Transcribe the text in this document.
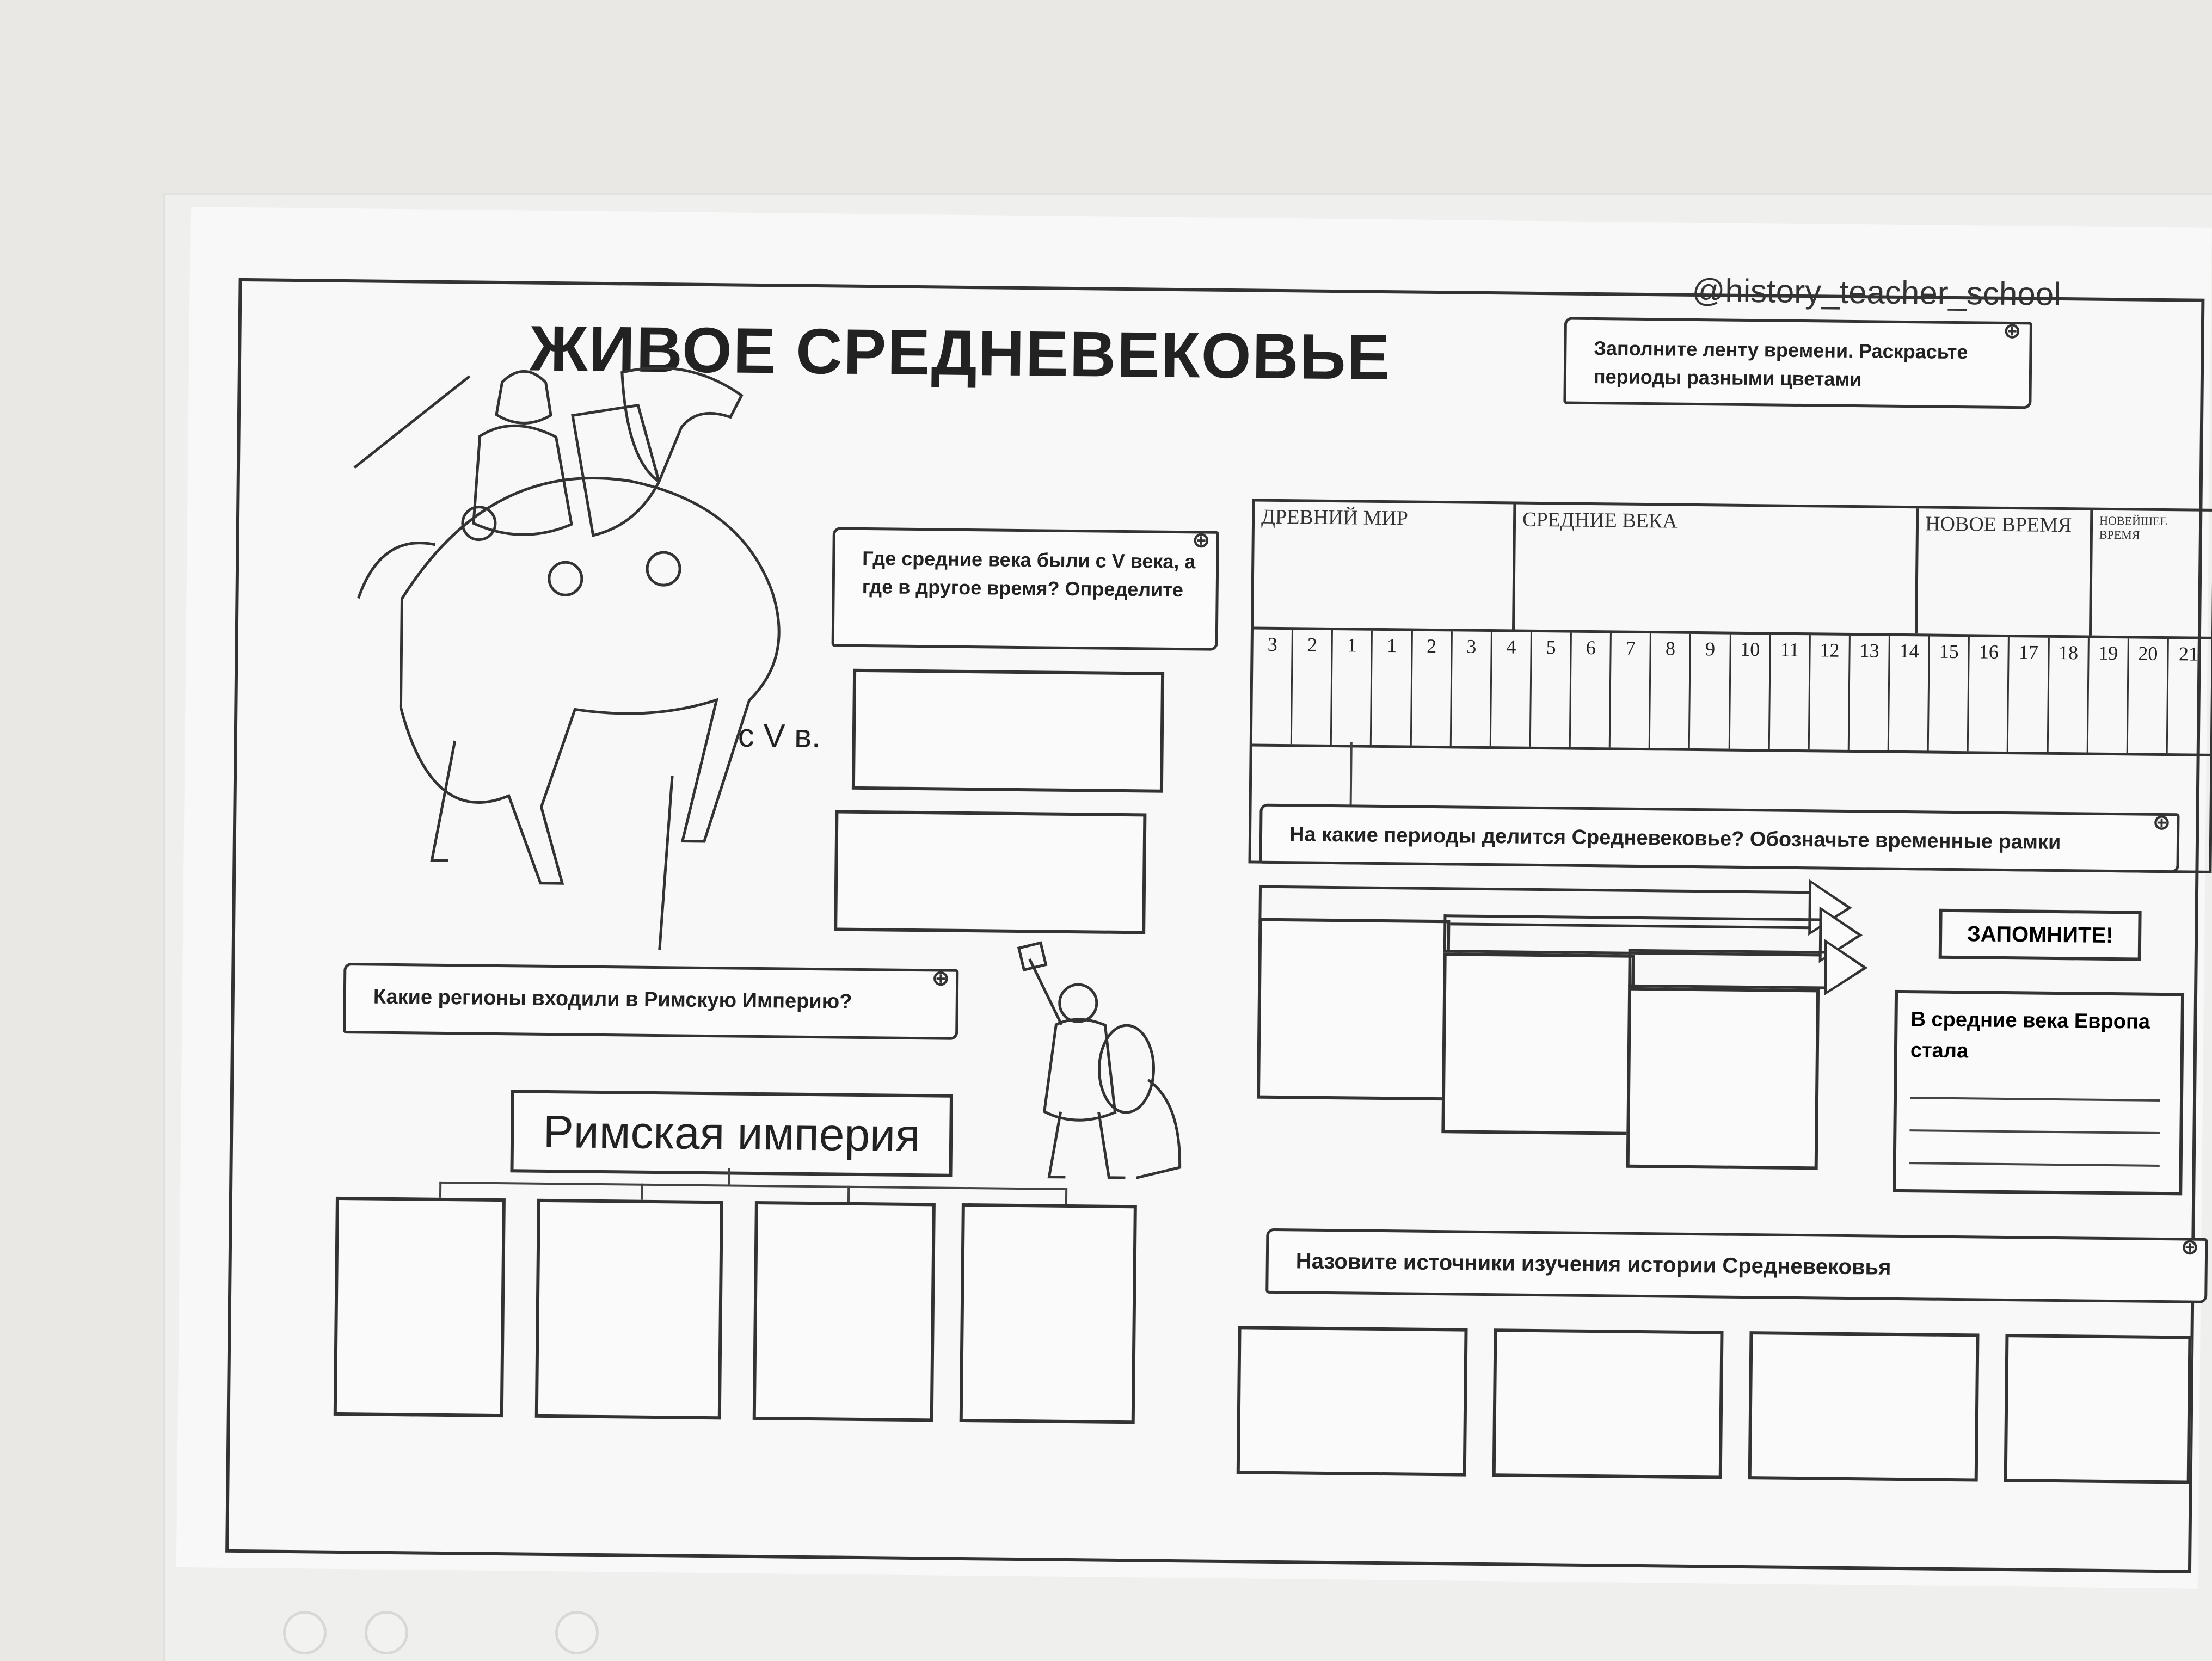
@history_teacher_school
ЖИВОЕ СРЕДНЕВЕКОВЬЕ	Заполните ленту времени. Раскрасьте периоды разными цветами
⊕
ДРЕВНИЙ МИР	СРЕДНИЕ ВЕКА	НОВОЕ ВРЕМЯ	НОВЕЙШЕЕ ВРЕМЯ
3	2	1	1	2	3	4	5	6	7	8	9	10	11	12	13	14	15	16	17	18	19	20	21
Где средние века были с V века, а где в другое время? Определите
⊕
с V в.
На какие периоды делится Средневековье? Обозначьте временные рамки
⊕
ЗАПОМНИТЕ!
В средние века Европа стала
Какие регионы входили в Римскую Империю?
⊕
Римская империя
Назовите источники изучения истории Средневековья
⊕
